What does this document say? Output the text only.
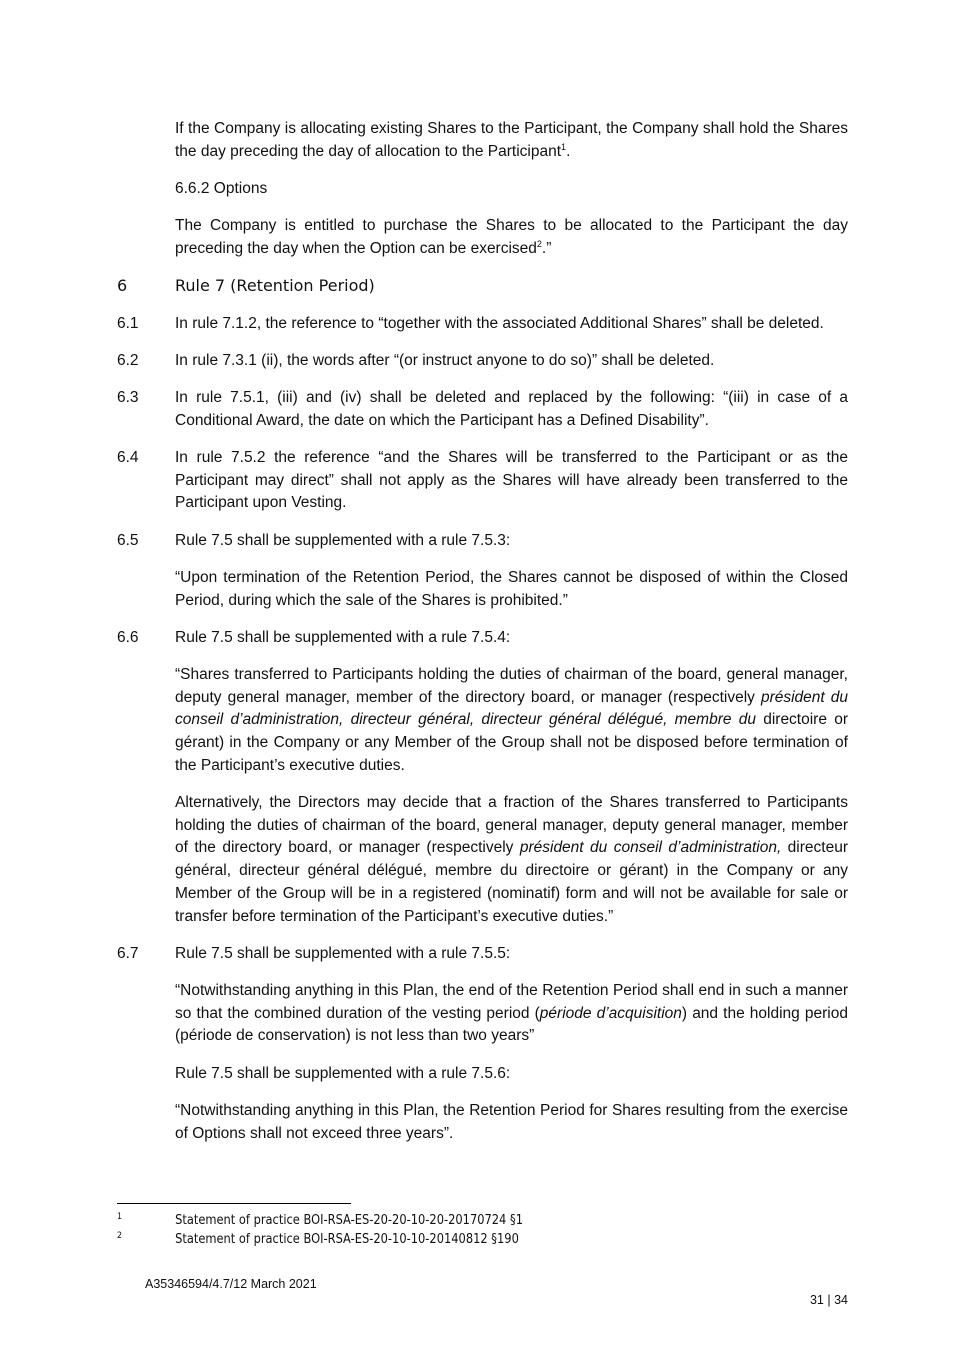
If the Company is allocating existing Shares to the Participant, the Company shall hold the Shares the day preceding the day of allocation to the Participant$^1$.

6.6.2 Options

The Company is entitled to purchase the Shares to be allocated to the Participant the day preceding the day when the Option can be exercised$^2$.”

6	Rule 7 (Retention Period)
6.1 In rule 7.1.2, the reference to “together with the associated Additional Shares” shall be deleted.
6.2 In rule 7.3.1 (ii), the words after “(or instruct anyone to do so)” shall be deleted.
6.3 In rule 7.5.1, (iii) and (iv) shall be deleted and replaced by the following: “(iii) in case of a Conditional Award, the date on which the Participant has a Defined Disability”.
6.4 In rule 7.5.2 the reference “and the Shares will be transferred to the Participant or as the Participant may direct” shall not apply as the Shares will have already been transferred to the Participant upon Vesting.
6.5 Rule 7.5 shall be supplemented with a rule 7.5.3:

“Upon termination of the Retention Period, the Shares cannot be disposed of within the Closed Period, during which the sale of the Shares is prohibited.”

6.6 Rule 7.5 shall be supplemented with a rule 7.5.4:

“Shares transferred to Participants holding the duties of chairman of the board, general manager, deputy general manager, member of the directory board, or manager (respectively président du conseil d’administration, directeur général, directeur général délégué, membre du directoire or gérant) in the Company or any Member of the Group shall not be disposed before termination of the Participant’s executive duties.

Alternatively, the Directors may decide that a fraction of the Shares transferred to Participants holding the duties of chairman of the board, general manager, deputy general manager, member of the directory board, or manager (respectively président du conseil d’administration, directeur général, directeur général délégué, membre du directoire or gérant) in the Company or any Member of the Group will be in a registered (nominatif) form and will not be available for sale or transfer before termination of the Participant’s executive duties.”

6.7 Rule 7.5 shall be supplemented with a rule 7.5.5:

“Notwithstanding anything in this Plan, the end of the Retention Period shall end in such a manner so that the combined duration of the vesting period (période d’acquisition) and the holding period (période de conservation) is not less than two years”

Rule 7.5 shall be supplemented with a rule 7.5.6:

“Notwithstanding anything in this Plan, the Retention Period for Shares resulting from the exercise of Options shall not exceed three years”.

1	Statement of practice BOI-RSA-ES-20-20-10-20-20170724 §1
2	Statement of practice BOI-RSA-ES-20-10-10-20140812 §190
A35346594/4.7/12 March 2021
31 | 34
